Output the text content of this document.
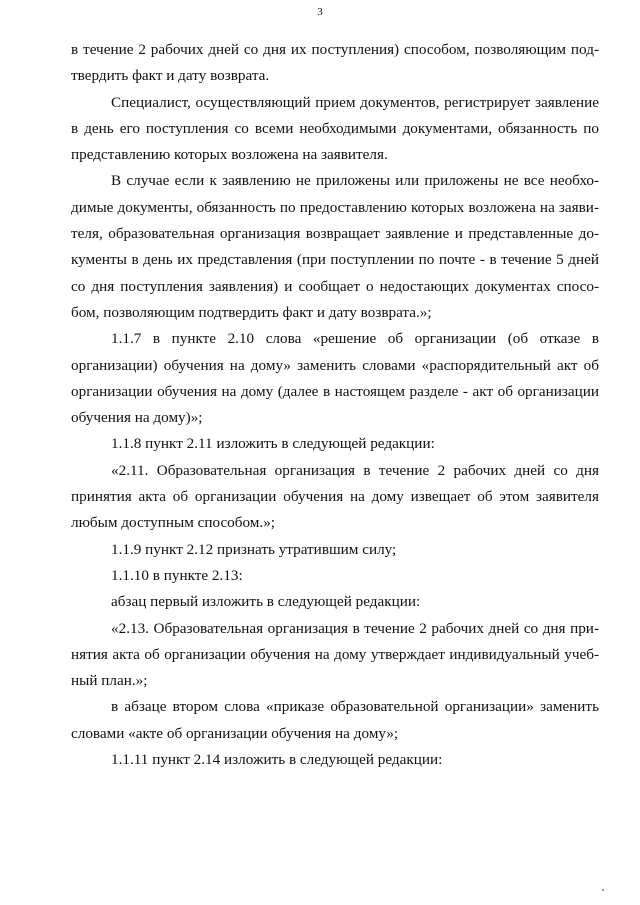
3

в течение 2 рабочих дней со дня их поступления) способом, позволяющим подтвердить факт и дату возврата.

Специалист, осуществляющий прием документов, регистрирует заявление в день его поступления со всеми необходимыми документами, обязанность по представлению которых возложена на заявителя.

В случае если к заявлению не приложены или приложены не все необходимые документы, обязанность по предоставлению которых возложена на заявителя, образовательная организация возвращает заявление и представленные документы в день их представления (при поступлении по почте - в течение 5 дней со дня поступления заявления) и сообщает о недостающих документах способом, позволяющим подтвердить факт и дату возврата.»;

1.1.7 в пункте 2.10 слова «решение об организации (об отказе в организации) обучения на дому» заменить словами «распорядительный акт об организации обучения на дому (далее в настоящем разделе - акт об организации обучения на дому)»;

1.1.8 пункт 2.11 изложить в следующей редакции:

«2.11. Образовательная организация в течение 2 рабочих дней со дня принятия акта об организации обучения на дому извещает об этом заявителя любым доступным способом.»;

1.1.9 пункт 2.12 признать утратившим силу;

1.1.10 в пункте 2.13:

абзац первый изложить в следующей редакции:

«2.13. Образовательная организация в течение 2 рабочих дней со дня принятия акта об организации обучения на дому утверждает индивидуальный учебный план.»;

в абзаце втором слова «приказе образовательной организации» заменить словами «акте об организации обучения на дому»;

1.1.11 пункт 2.14 изложить в следующей редакции:
